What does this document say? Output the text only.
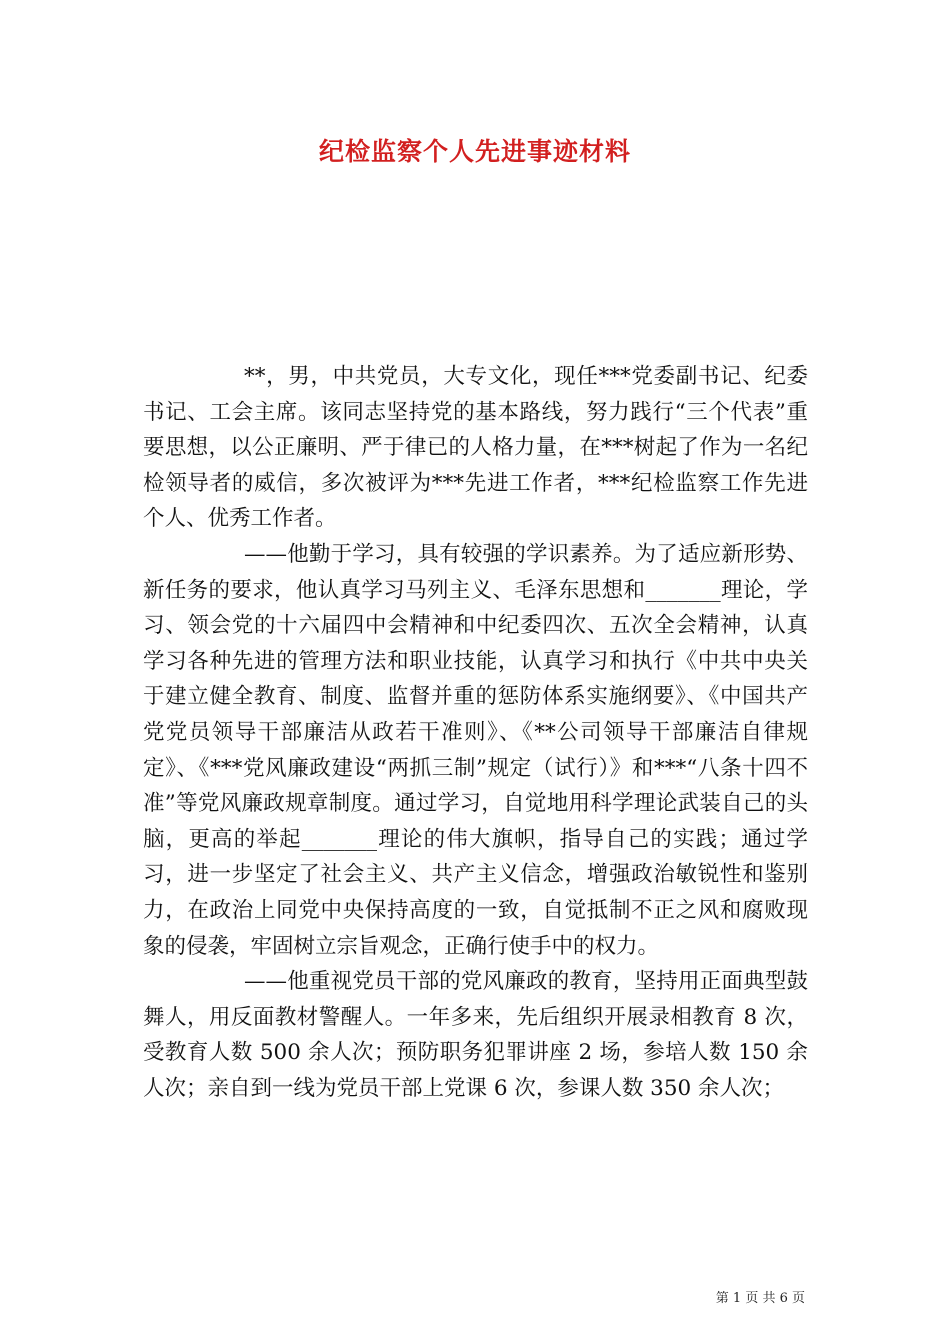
纪检监察个人先进事迹材料

**，男，中共党员，大专文化，现任***党委副书记、纪委书记、工会主席。该同志坚持党的基本路线，努力践行“三个代表”重要思想，以公正廉明、严于律已的人格力量，在***树起了作为一名纪检领导者的威信，多次被评为***先进工作者，***纪检监察工作先进个人、优秀工作者。

——他勤于学习，具有较强的学识素养。为了适应新形势、新任务的要求，他认真学习马列主义、毛泽东思想和_______理论，学习、领会党的十六届四中会精神和中纪委四次、五次全会精神，认真学习各种先进的管理方法和职业技能，认真学习和执行《中共中央关于建立健全教育、制度、监督并重的惩防体系实施纲要》、《中国共产党党员领导干部廉洁从政若干准则》、《**公司领导干部廉洁自律规定》、《***党风廉政建设“两抓三制”规定（试行）》和***“八条十四不准”等党风廉政规章制度。通过学习，自觉地用科学理论武装自己的头脑，更高的举起_______理论的伟大旗帜，指导自己的实践；通过学习，进一步坚定了社会主义、共产主义信念，增强政治敏锐性和鉴别力，在政治上同党中央保持高度的一致，自觉抵制不正之风和腐败现象的侵袭，牢固树立宗旨观念，正确行使手中的权力。

——他重视党员干部的党风廉政的教育，坚持用正面典型鼓舞人，用反面教材警醒人。一年多来，先后组织开展录相教育 8 次，受教育人数 500 余人次；预防职务犯罪讲座 2 场，参培人数 150 余人次；亲自到一线为党员干部上党课 6 次，参课人数 350 余人次；

第 1 页 共 6 页
